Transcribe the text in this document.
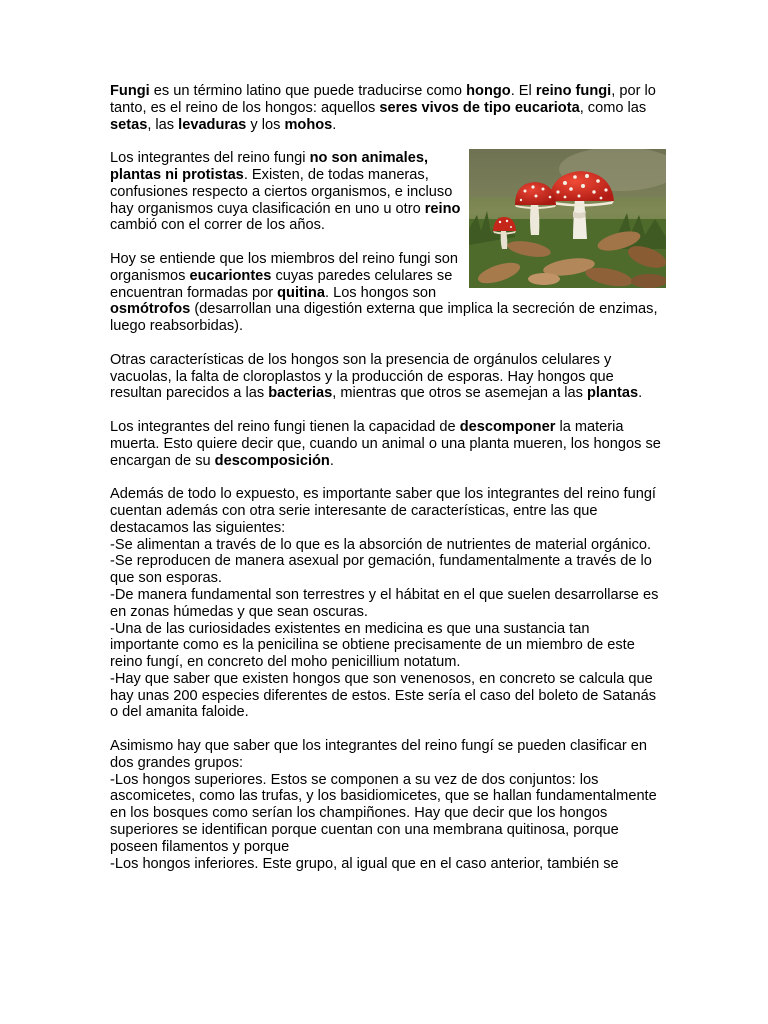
Fungi es un término latino que puede traducirse como hongo. El reino fungi, por lo tanto, es el reino de los hongos: aquellos seres vivos de tipo eucariota, como las setas, las levaduras y los mohos.

Los integrantes del reino fungi no son animales, plantas ni protistas. Existen, de todas maneras, confusiones respecto a ciertos organismos, e incluso hay organismos cuya clasificación en uno u otro reino cambió con el correr de los años.

Hoy se entiende que los miembros del reino fungi son organismos eucariontes cuyas paredes celulares se encuentran formadas por quitina. Los hongos son osmótrofos (desarrollan una digestión externa que implica la secreción de enzimas, luego reabsorbidas).

Otras características de los hongos son la presencia de orgánulos celulares y vacuolas, la falta de cloroplastos y la producción de esporas. Hay hongos que resultan parecidos a las bacterias, mientras que otros se asemejan a las plantas.

Los integrantes del reino fungi tienen la capacidad de descomponer la materia muerta. Esto quiere decir que, cuando un animal o una planta mueren, los hongos se encargan de su descomposición.

Además de todo lo expuesto, es importante saber que los integrantes del reino fungí cuentan además con otra serie interesante de características, entre las que destacamos las siguientes:
-Se alimentan a través de lo que es la absorción de nutrientes de material orgánico.
-Se reproducen de manera asexual por gemación, fundamentalmente a través de lo que son esporas.
-De manera fundamental son terrestres y el hábitat en el que suelen desarrollarse es en zonas húmedas y que sean oscuras.
-Una de las curiosidades existentes en medicina es que una sustancia tan importante como es la penicilina se obtiene precisamente de un miembro de este reino fungí, en concreto del moho penicillium notatum.
-Hay que saber que existen hongos que son venenosos, en concreto se calcula que hay unas 200 especies diferentes de estos. Este sería el caso del boleto de Satanás o del amanita faloide.

Asimismo hay que saber que los integrantes del reino fungí se pueden clasificar en dos grandes grupos:
-Los hongos superiores. Estos se componen a su vez de dos conjuntos: los ascomicetes, como las trufas, y los basidiomicetes, que se hallan fundamentalmente en los bosques como serían los champiñones. Hay que decir que los hongos superiores se identifican porque cuentan con una membrana quitinosa, porque poseen filamentos y porque
-Los hongos inferiores. Este grupo, al igual que en el caso anterior, también se
